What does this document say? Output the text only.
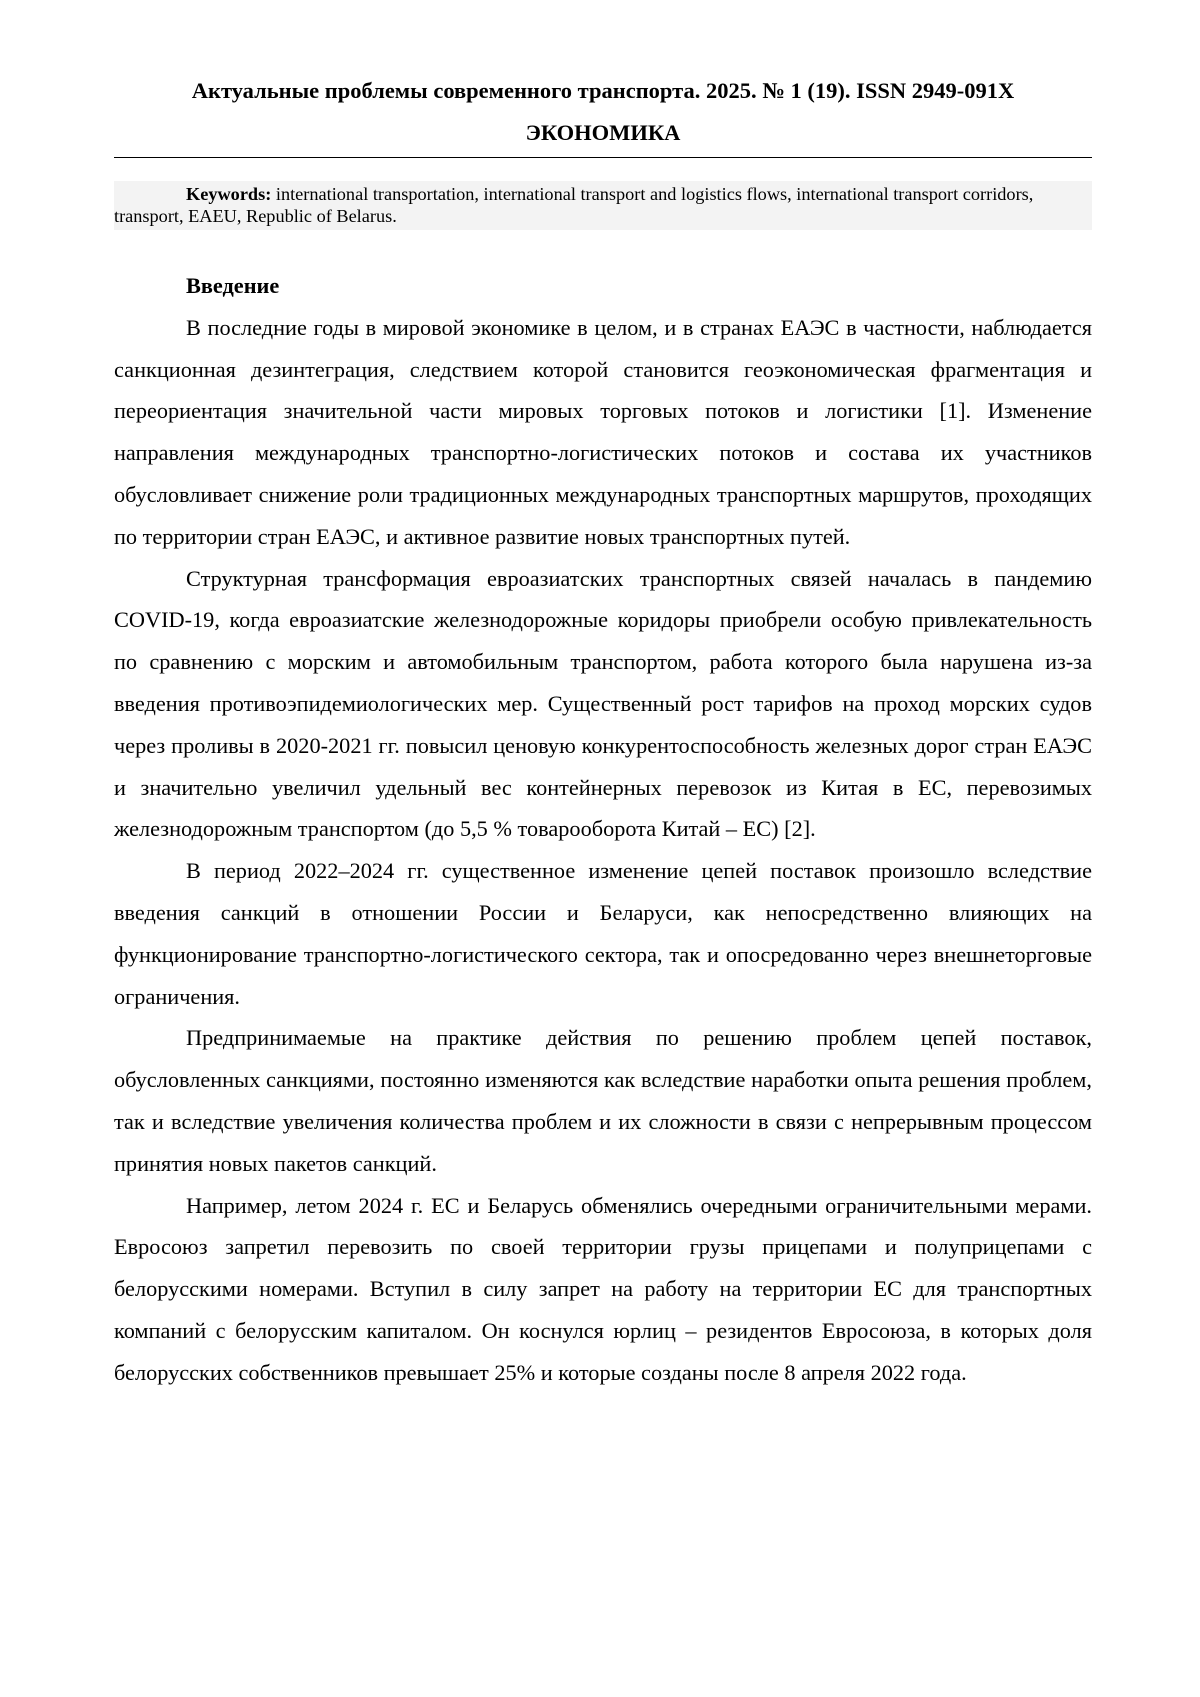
Актуальные проблемы современного транспорта. 2025. № 1 (19). ISSN 2949-091X
ЭКОНОМИКА

Keywords: international transportation, international transport and logistics flows, international transport corridors, transport, EAEU, Republic of Belarus.

Введение

В последние годы в мировой экономике в целом, и в странах ЕАЭС в частности, наблюдается санкционная дезинтеграция, следствием которой становится геоэкономическая фрагментация и переориентация значительной части мировых торговых потоков и логистики [1]. Изменение направления международных транспортно-логистических потоков и состава их участников обусловливает снижение роли традиционных международных транспортных маршрутов, проходящих по территории стран ЕАЭС, и активное развитие новых транспортных путей.

Структурная трансформация евроазиатских транспортных связей началась в пандемию COVID-19, когда евроазиатские железнодорожные коридоры приобрели особую привлекательность по сравнению с морским и автомобильным транспортом, работа которого была нарушена из-за введения противоэпидемиологических мер. Существенный рост тарифов на проход морских судов через проливы в 2020-2021 гг. повысил ценовую конкурентоспособность железных дорог стран ЕАЭС и значительно увеличил удельный вес контейнерных перевозок из Китая в ЕС, перевозимых железнодорожным транспортом (до 5,5 % товарооборота Китай – ЕС) [2].

В период 2022–2024 гг. существенное изменение цепей поставок произошло вследствие введения санкций в отношении России и Беларуси, как непосредственно влияющих на функционирование транспортно-логистического сектора, так и опосредованно через внешнеторговые ограничения.

Предпринимаемые на практике действия по решению проблем цепей поставок, обусловленных санкциями, постоянно изменяются как вследствие наработки опыта решения проблем, так и вследствие увеличения количества проблем и их сложности в связи с непрерывным процессом принятия новых пакетов санкций.

Например, летом 2024 г. ЕС и Беларусь обменялись очередными ограничительными мерами. Евросоюз запретил перевозить по своей территории грузы прицепами и полуприцепами с белорусскими номерами. Вступил в силу запрет на работу на территории ЕС для транспортных компаний с белорусским капиталом. Он коснулся юрлиц – резидентов Евросоюза, в которых доля белорусских собственников превышает 25% и которые созданы после 8 апреля 2022 года.
